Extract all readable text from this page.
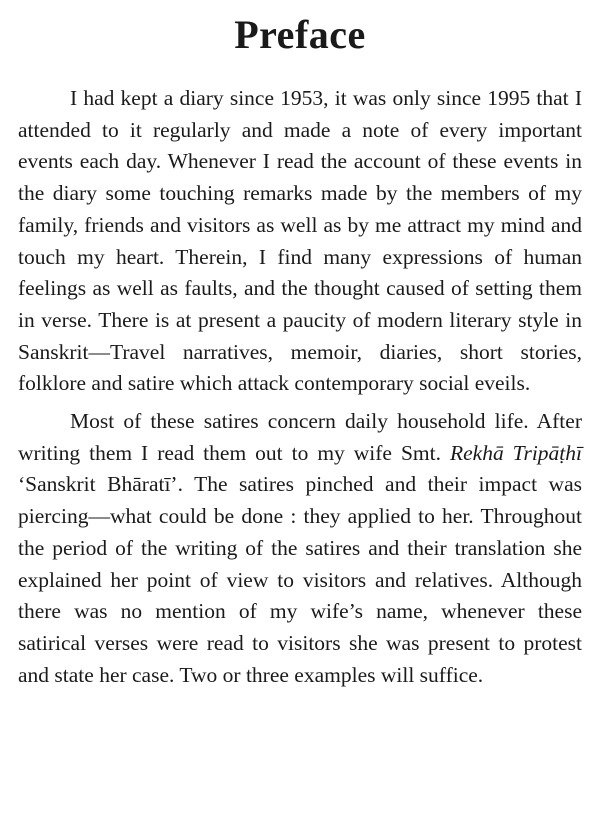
Preface

I had kept a diary since 1953, it was only since 1995 that I attended to it regularly and made a note of every important events each day. Whenever I read the account of these events in the diary some touching remarks made by the members of my family, friends and visitors as well as by me attract my mind and touch my heart. Therein, I find many expressions of human feelings as well as faults, and the thought caused of setting them in verse. There is at present a paucity of modern literary style in Sanskrit—Travel narratives, memoir, diaries, short stories, folklore and satire which attack contemporary social eveils.

Most of these satires concern daily household life. After writing them I read them out to my wife Smt. Rekhā Tripāṭhī ‘Sanskrit Bhāratī’. The satires pinched and their impact was piercing—what could be done : they applied to her. Throughout the period of the writing of the satires and their translation she explained her point of view to visitors and relatives. Although there was no mention of my wife’s name, whenever these satirical verses were read to visitors she was present to protest and state her case. Two or three examples will suffice.
